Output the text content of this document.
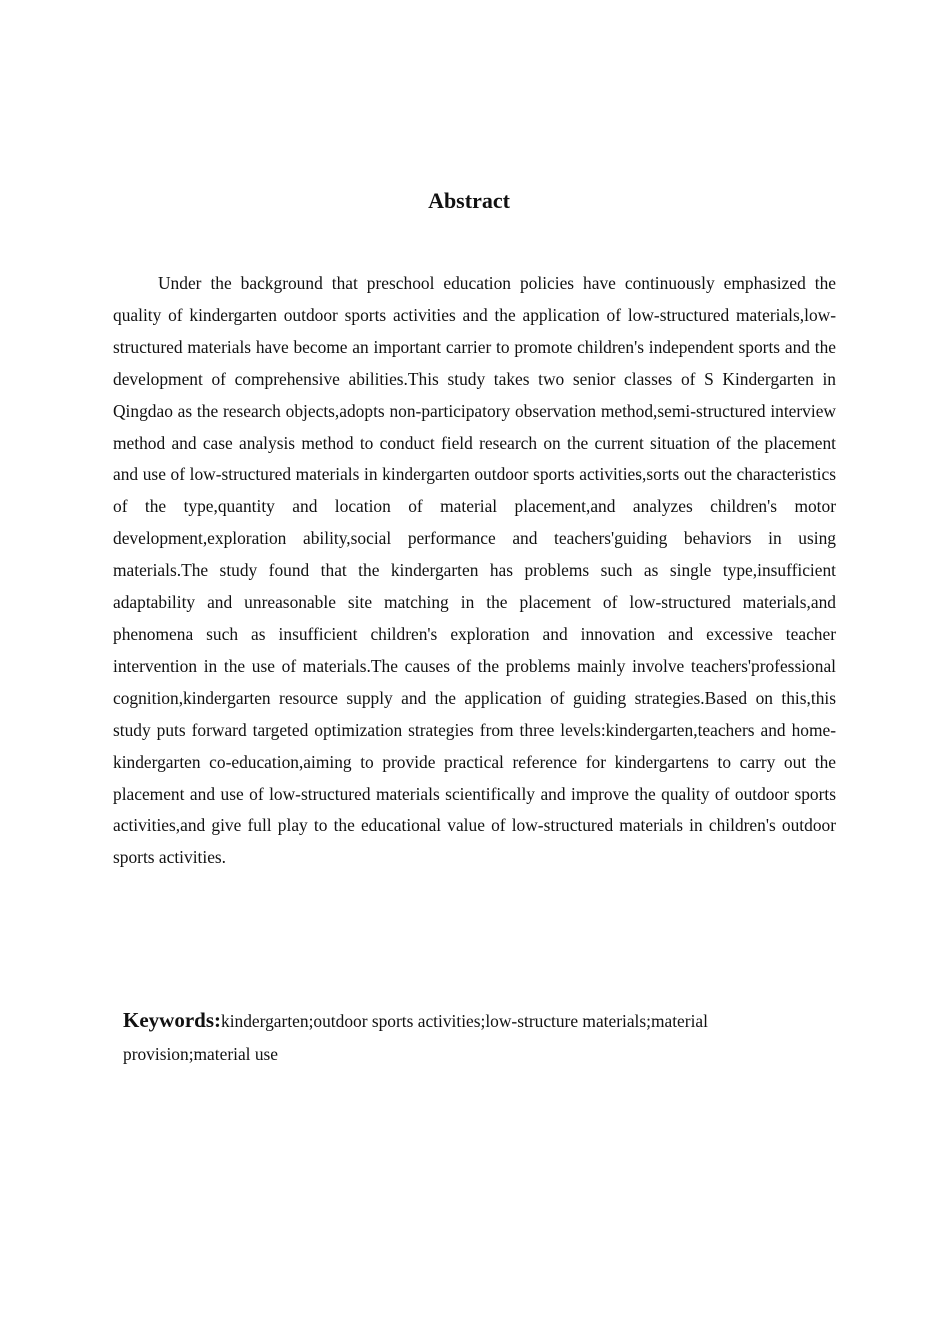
Abstract

Under the background that preschool education policies have continuously emphasized the quality of kindergarten outdoor sports activities and the application of low-structured materials,low-structured materials have become an important carrier to promote children's independent sports and the development of comprehensive abilities.This study takes two senior classes of S Kindergarten in Qingdao as the research objects,adopts non-participatory observation method,semi-structured interview method and case analysis method to conduct field research on the current situation of the placement and use of low-structured materials in kindergarten outdoor sports activities,sorts out the characteristics of the type,quantity and location of material placement,and analyzes children's motor development,exploration ability,social performance and teachers'guiding behaviors in using materials.The study found that the kindergarten has problems such as single type,insufficient adaptability and unreasonable site matching in the placement of low-structured materials,and phenomena such as insufficient children's exploration and innovation and excessive teacher intervention in the use of materials.The causes of the problems mainly involve teachers'professional cognition,kindergarten resource supply and the application of guiding strategies.Based on this,this study puts forward targeted optimization strategies from three levels:kindergarten,teachers and home-kindergarten co-education,aiming to provide practical reference for kindergartens to carry out the placement and use of low-structured materials scientifically and improve the quality of outdoor sports activities,and give full play to the educational value of low-structured materials in children's outdoor sports activities.

Keywords:kindergarten;outdoor sports activities;low-structure materials;material provision;material use
